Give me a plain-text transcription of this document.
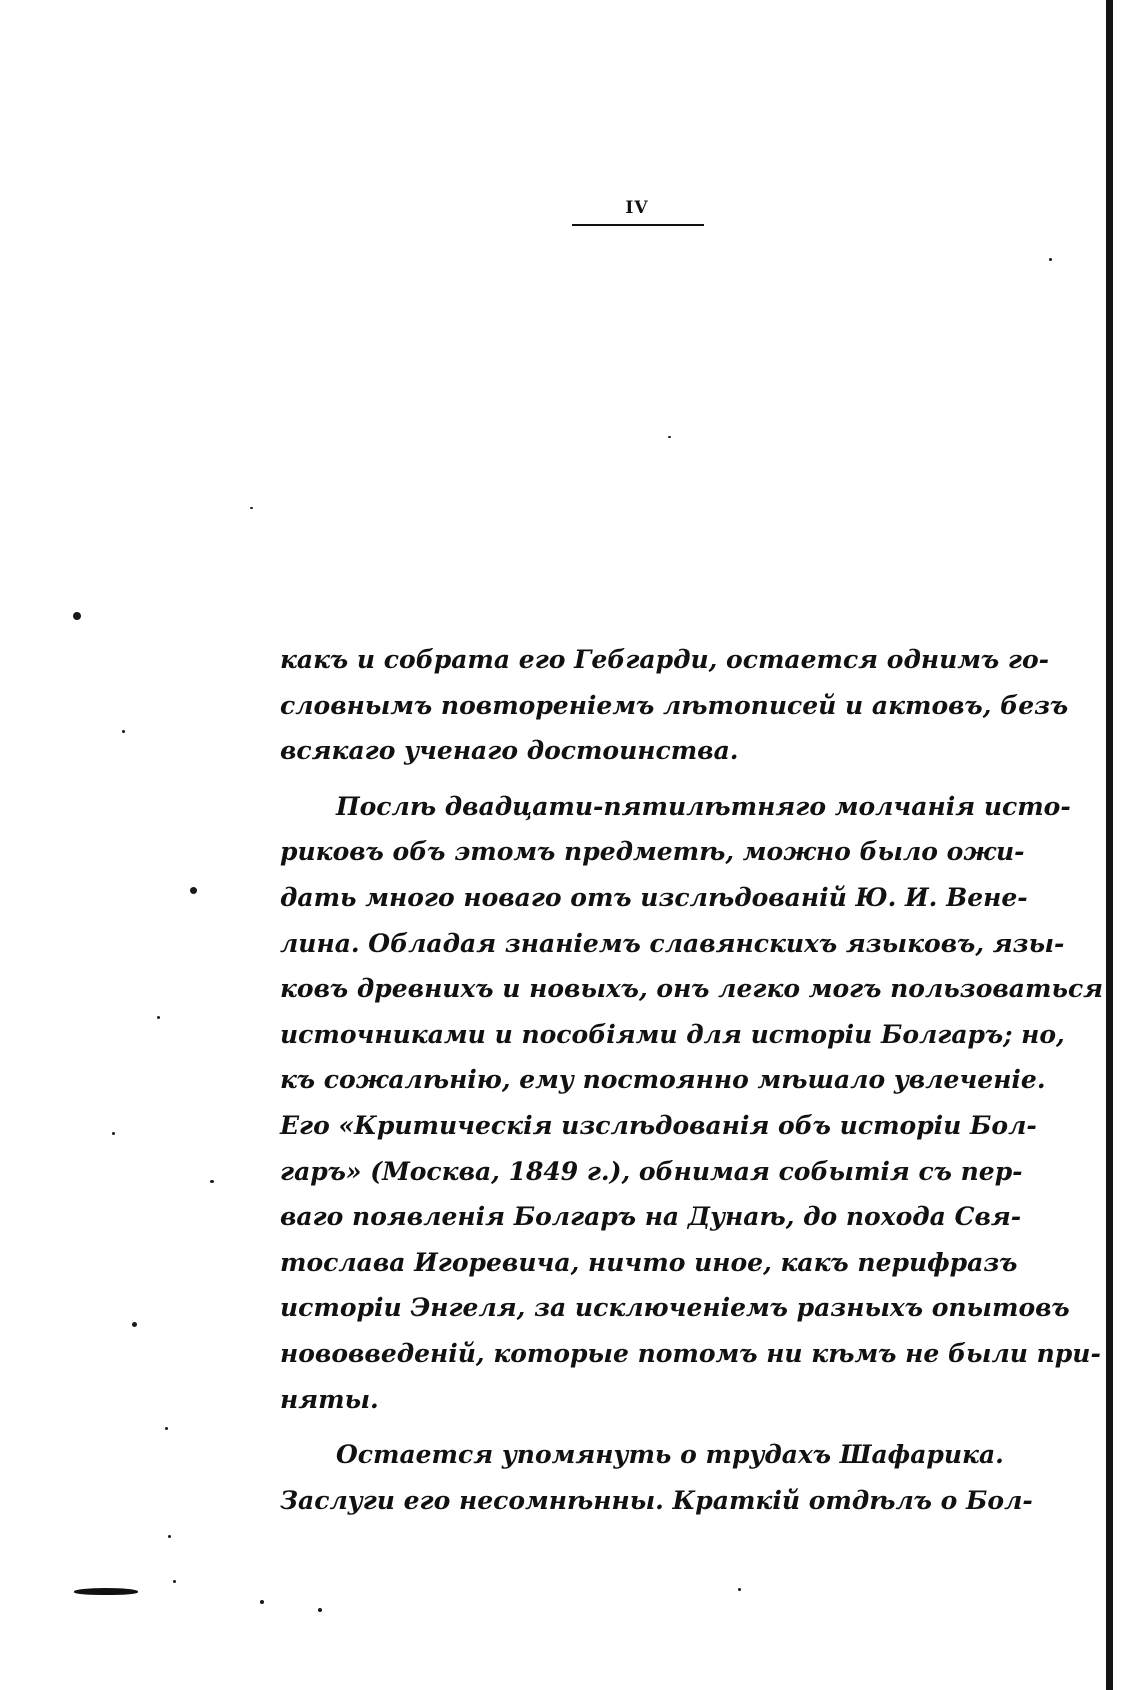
IV
какъ и собрата его Гебгарди, остается однимъ го-
словнымъ повтореніемъ лѣтописей и актовъ, безъ
всякаго ученаго достоинства.
Послѣ двадцати-пятилѣтняго молчанія исто-
риковъ объ этомъ предметѣ, можно было ожи-
дать много новаго отъ изслѣдованій Ю. И. Вене-
лина. Обладая знаніемъ славянскихъ языковъ, язы-
ковъ древнихъ и новыхъ, онъ легко могъ пользоваться
источниками и пособіями для исторіи Болгаръ; но,
къ сожалѣнію, ему постоянно мѣшало увлеченіе.
Его «Критическія изслѣдованія объ исторіи Бол-
гаръ» (Москва, 1849 г.), обнимая событія съ пер-
ваго появленія Болгаръ на Дунаѣ, до похода Свя-
тослава Игоревича, ничто иное, какъ перифразъ
исторіи Энгеля, за исключеніемъ разныхъ опытовъ
нововведеній, которые потомъ ни кѣмъ не были при-
няты.
Остается упомянуть о трудахъ Шафарика.
Заслуги его несомнѣнны. Краткій отдѣлъ о Бол-
